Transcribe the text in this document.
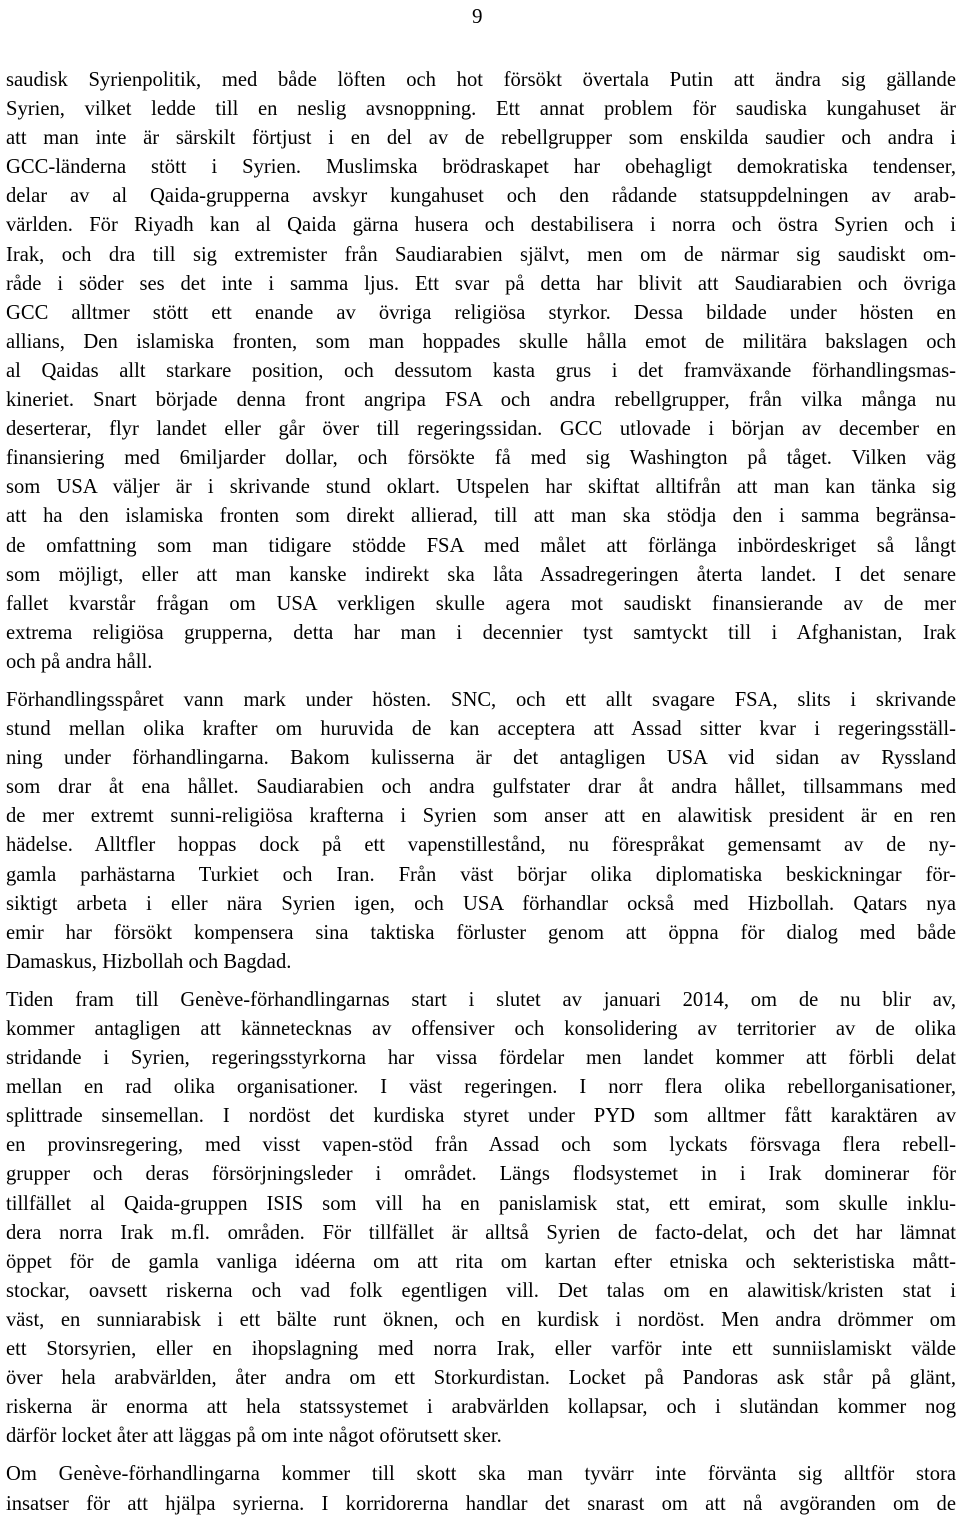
9
saudisk Syrienpolitik, med både löften och hot försökt övertala Putin att ändra sig gällande
Syrien, vilket ledde till en neslig avsnoppning. Ett annat problem för saudiska kungahuset är
att man inte är särskilt förtjust i en del av de rebellgrupper som enskilda saudier och andra i
GCC-länderna stött i Syrien. Muslimska brödraskapet har obehagligt demokratiska tendenser,
delar av al Qaida-grupperna avskyr kungahuset och den rådande statsuppdelningen av arab-
världen. För Riyadh kan al Qaida gärna husera och destabilisera i norra och östra Syrien och i
Irak, och dra till sig extremister från Saudiarabien självt, men om de närmar sig saudiskt om-
råde i söder ses det inte i samma ljus. Ett svar på detta har blivit att Saudiarabien och övriga
GCC alltmer stött ett enande av övriga religiösa styrkor. Dessa bildade under hösten en
allians, Den islamiska fronten, som man hoppades skulle hålla emot de militära bakslagen och
al Qaidas allt starkare position, och dessutom kasta grus i det framväxande förhandlingsmas-
kineriet. Snart började denna front angripa FSA och andra rebellgrupper, från vilka många nu
deserterar, flyr landet eller går över till regeringssidan. GCC utlovade i början av december en
finansiering med 6miljarder dollar, och försökte få med sig Washington på tåget. Vilken väg
som USA väljer är i skrivande stund oklart. Utspelen har skiftat alltifrån att man kan tänka sig
att ha den islamiska fronten som direkt allierad, till att man ska stödja den i samma begränsa-
de omfattning som man tidigare stödde FSA med målet att förlänga inbördeskriget så långt
som möjligt, eller att man kanske indirekt ska låta Assadregeringen återta landet. I det senare
fallet kvarstår frågan om USA verkligen skulle agera mot saudiskt finansierande av de mer
extrema religiösa grupperna, detta har man i decennier tyst samtyckt till i Afghanistan, Irak
och på andra håll.
Förhandlingsspåret vann mark under hösten. SNC, och ett allt svagare FSA, slits i skrivande
stund mellan olika krafter om huruvida de kan acceptera att Assad sitter kvar i regeringsställ-
ning under förhandlingarna. Bakom kulisserna är det antagligen USA vid sidan av Ryssland
som drar åt ena hållet. Saudiarabien och andra gulfstater drar åt andra hållet, tillsammans med
de mer extremt sunni-religiösa krafterna i Syrien som anser att en alawitisk president är en ren
hädelse. Alltfler hoppas dock på ett vapenstillestånd, nu förespråkat gemensamt av de ny-
gamla parhästarna Turkiet och Iran. Från väst börjar olika diplomatiska beskickningar för-
siktigt arbeta i eller nära Syrien igen, och USA förhandlar också med Hizbollah. Qatars nya
emir har försökt kompensera sina taktiska förluster genom att öppna för dialog med både
Damaskus, Hizbollah och Bagdad.
Tiden fram till Genève-förhandlingarnas start i slutet av januari 2014, om de nu blir av,
kommer antagligen att kännetecknas av offensiver och konsolidering av territorier av de olika
stridande i Syrien, regeringsstyrkorna har vissa fördelar men landet kommer att förbli delat
mellan en rad olika organisationer. I väst regeringen. I norr flera olika rebellorganisationer,
splittrade sinsemellan. I nordöst det kurdiska styret under PYD som alltmer fått karaktären av
en provinsregering, med visst vapen-stöd från Assad och som lyckats försvaga flera rebell-
grupper och deras försörjningsleder i området. Längs flodsystemet in i Irak dominerar för
tillfället al Qaida-gruppen ISIS som vill ha en panislamisk stat, ett emirat, som skulle inklu-
dera norra Irak m.fl. områden. För tillfället är alltså Syrien de facto-delat, och det har lämnat
öppet för de gamla vanliga idéerna om att rita om kartan efter etniska och sekteristiska mått-
stockar, oavsett riskerna och vad folk egentligen vill. Det talas om en alawitisk/kristen stat i
väst, en sunniarabisk i ett bälte runt öknen, och en kurdisk i nordöst. Men andra drömmer om
ett Storsyrien, eller en ihopslagning med norra Irak, eller varför inte ett sunniislamiskt välde
över hela arabvärlden, åter andra om ett Storkurdistan. Locket på Pandoras ask står på glänt,
riskerna är enorma att hela statssystemet i arabvärlden kollapsar, och i slutändan kommer nog
därför locket åter att läggas på om inte något oförutsett sker.
Om Genève-förhandlingarna kommer till skott ska man tyvärr inte förvänta sig alltför stora
insatser för att hjälpa syrierna. I korridorerna handlar det snarast om att nå avgöranden om de
